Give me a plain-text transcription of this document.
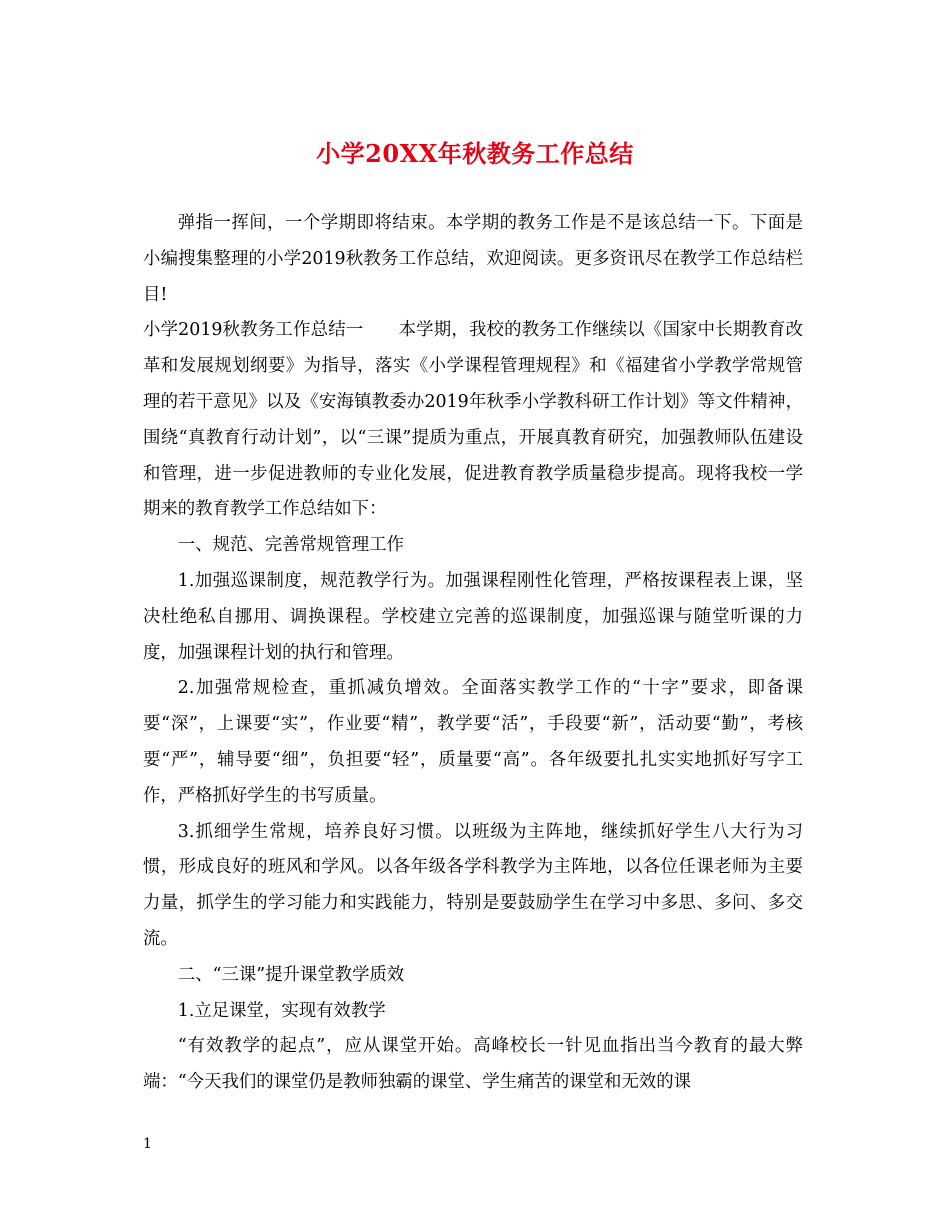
小学20XX年秋教务工作总结

弹指一挥间，一个学期即将结束。本学期的教务工作是不是该总结一下。下面是小编搜集整理的小学2019秋教务工作总结，欢迎阅读。更多资讯尽在教学工作总结栏目!

小学2019秋教务工作总结一　　本学期，我校的教务工作继续以《国家中长期教育改革和发展规划纲要》为指导，落实《小学课程管理规程》和《福建省小学教学常规管理的若干意见》以及《安海镇教委办2019年秋季小学教科研工作计划》等文件精神，围绕“真教育行动计划”，以“三课”提质为重点，开展真教育研究，加强教师队伍建设和管理，进一步促进教师的专业化发展，促进教育教学质量稳步提高。现将我校一学期来的教育教学工作总结如下：

一、规范、完善常规管理工作

1.加强巡课制度，规范教学行为。加强课程刚性化管理，严格按课程表上课，坚决杜绝私自挪用、调换课程。学校建立完善的巡课制度，加强巡课与随堂听课的力度，加强课程计划的执行和管理。

2.加强常规检查，重抓减负增效。全面落实教学工作的“十字”要求，即备课要“深”，上课要“实”，作业要“精”，教学要“活”，手段要“新”，活动要“勤”，考核要“严”，辅导要“细”，负担要“轻”，质量要“高”。各年级要扎扎实实地抓好写字工作，严格抓好学生的书写质量。

3.抓细学生常规，培养良好习惯。以班级为主阵地，继续抓好学生八大行为习惯，形成良好的班风和学风。以各年级各学科教学为主阵地，以各位任课老师为主要力量，抓学生的学习能力和实践能力，特别是要鼓励学生在学习中多思、多问、多交流。

二、“三课”提升课堂教学质效

1.立足课堂，实现有效教学

“有效教学的起点”，应从课堂开始。高峰校长一针见血指出当今教育的最大弊端：“今天我们的课堂仍是教师独霸的课堂、学生痛苦的课堂和无效的课

1
